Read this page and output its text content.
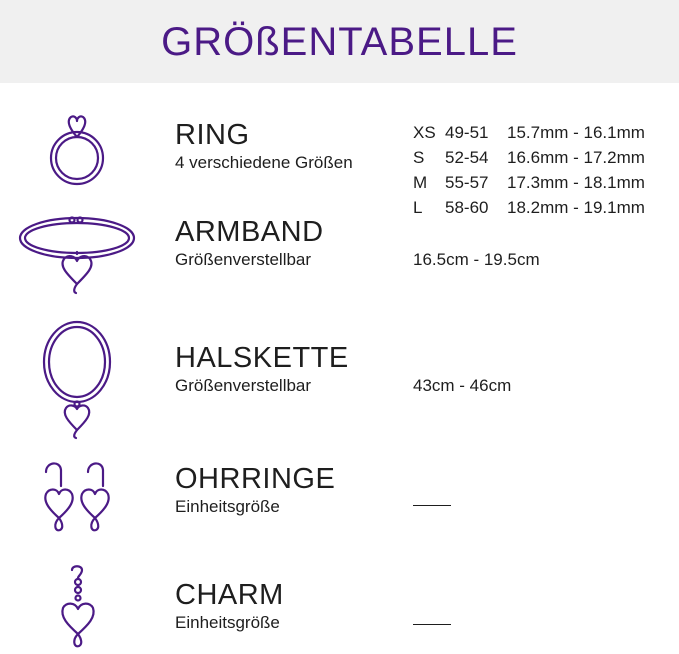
GRÖßENTABELLE
RING
4 verschiedene Größen
XS 49-51 15.7mm - 16.1mm
S 52-54 16.6mm - 17.2mm
M 55-57 17.3mm - 18.1mm
L 58-60 18.2mm - 19.1mm
ARMBAND
Größenverstellbar	16.5cm - 19.5cm
HALSKETTE
Größenverstellbar	43cm - 46cm
OHRRINGE
Einheitsgröße
CHARM
Einheitsgröße
